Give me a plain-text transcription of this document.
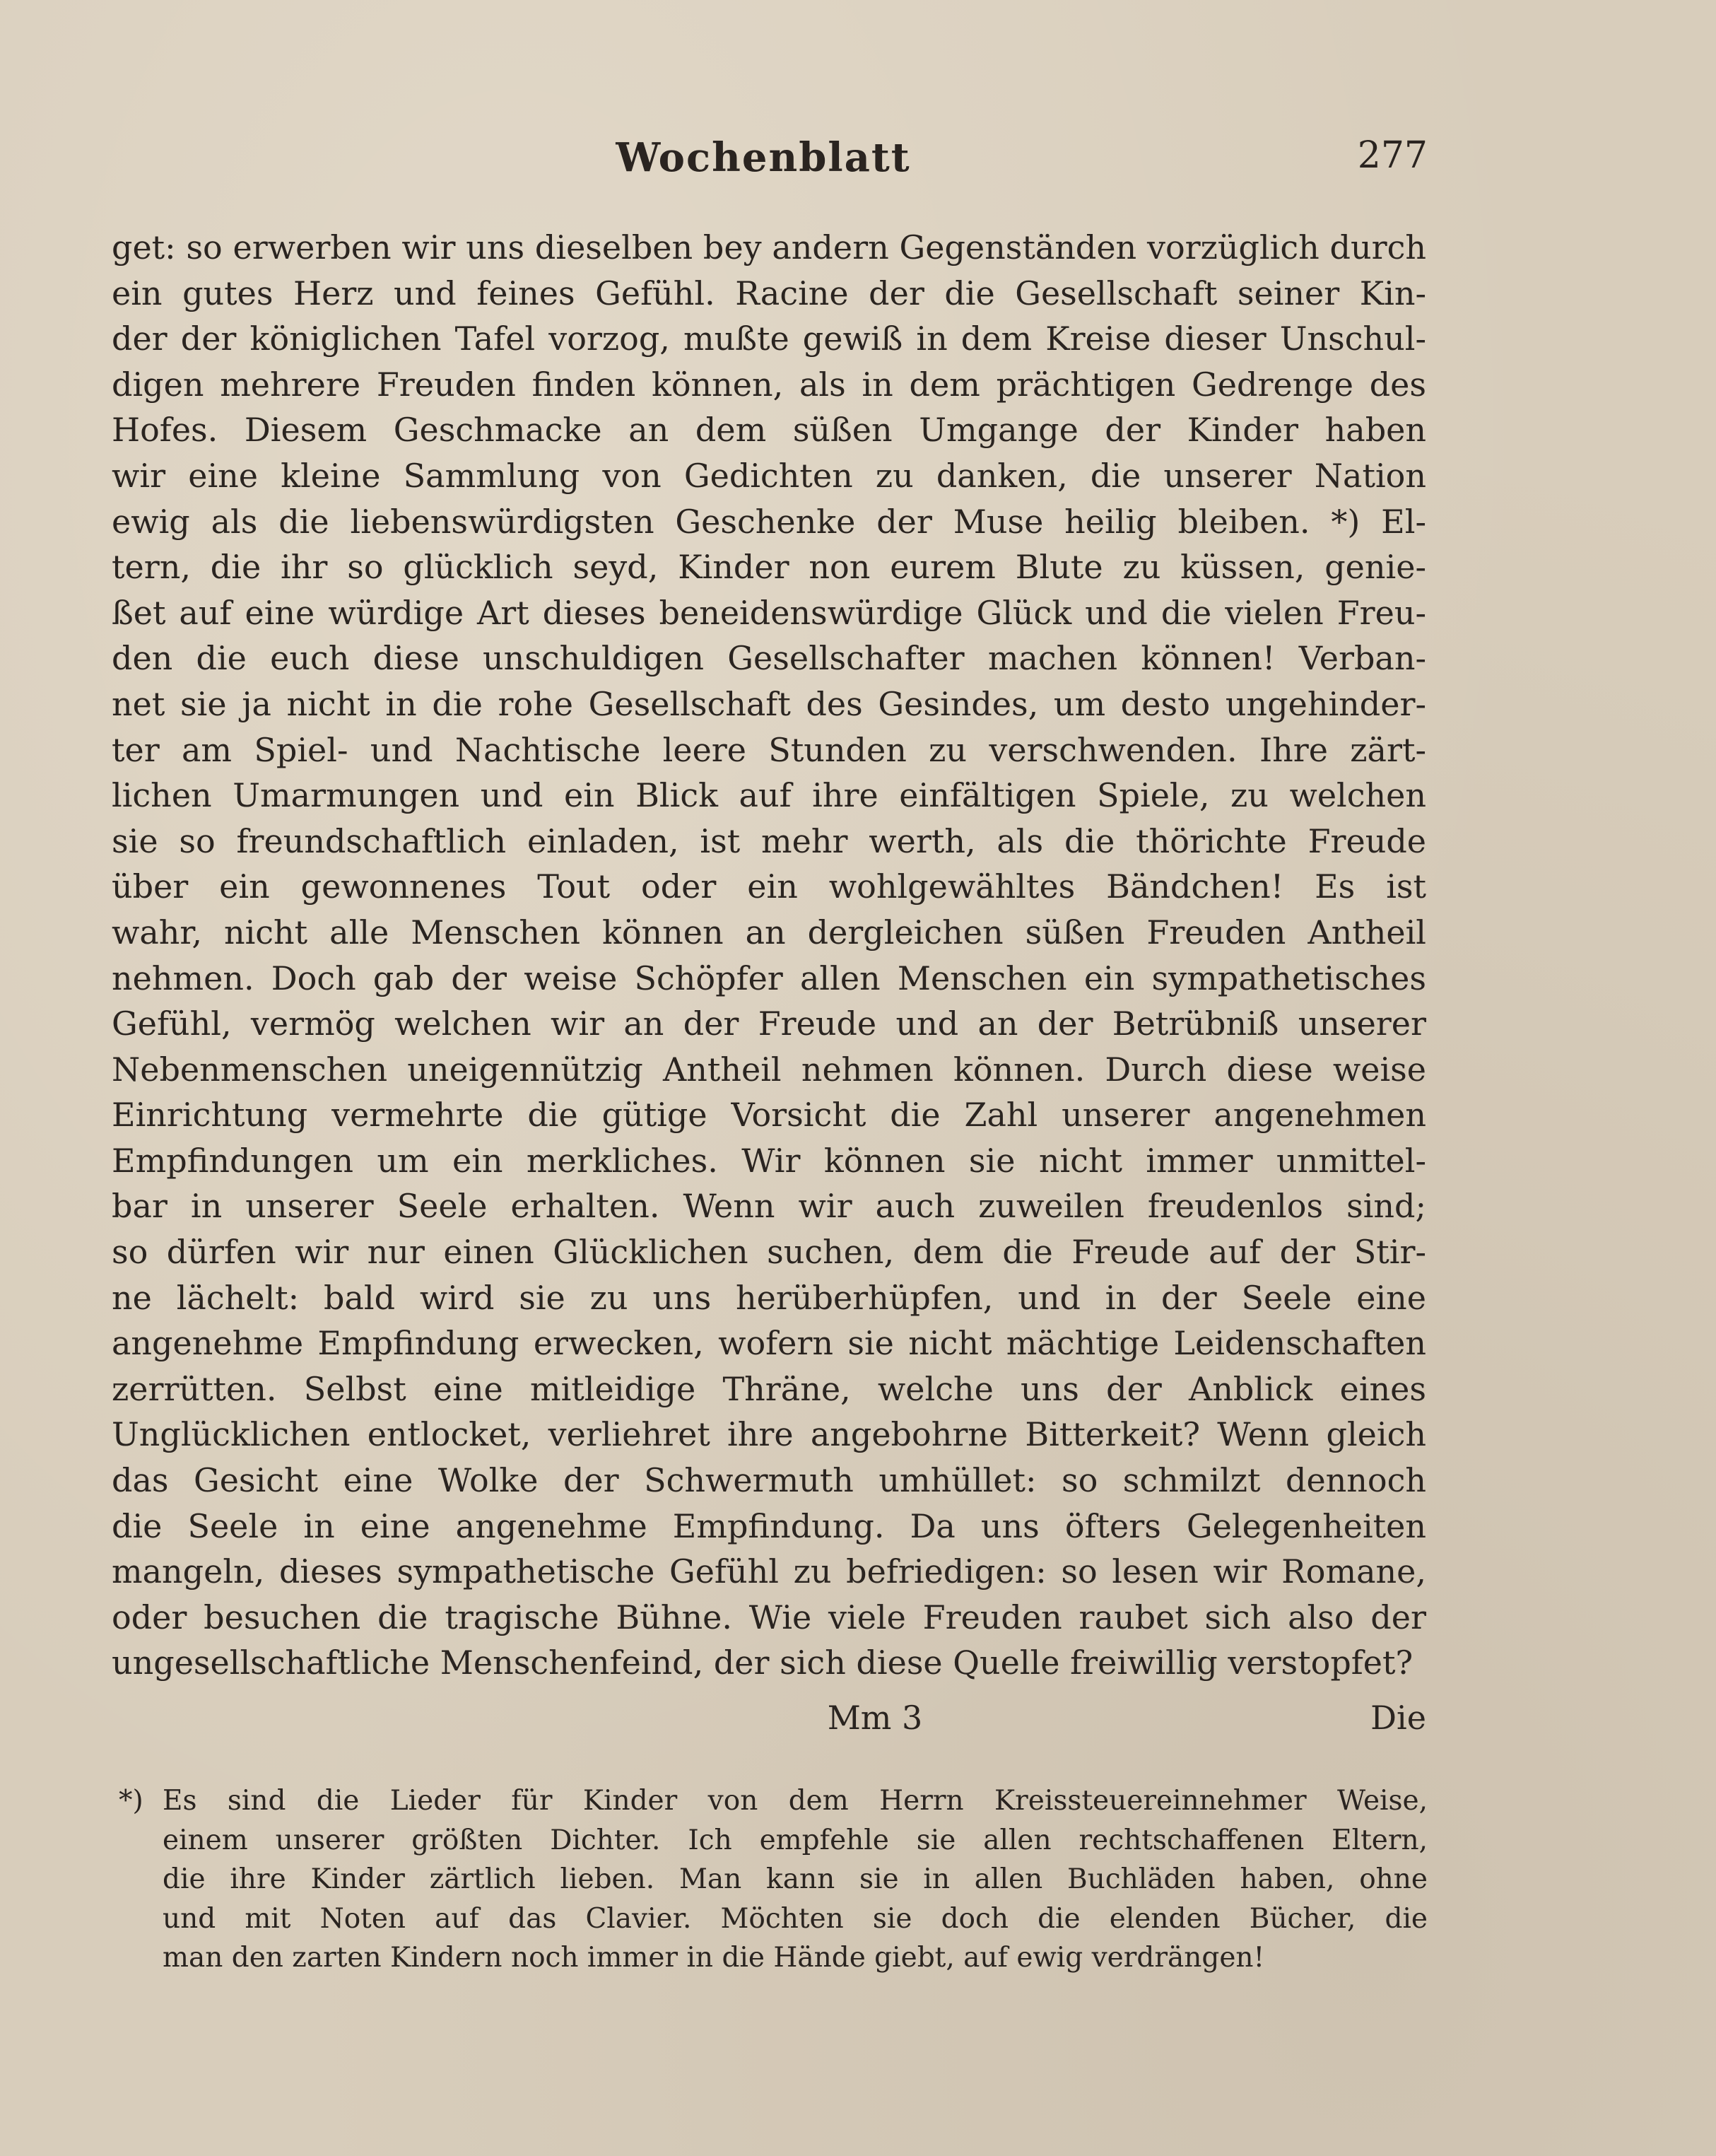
Wochenblatt	277
get: so erwerben wir uns dieselben bey andern Gegenständen vorzüglich durch
ein gutes Herz und feines Gefühl. Racine der die Gesellschaft seiner Kin-
der der königlichen Tafel vorzog, mußte gewiß in dem Kreise dieser Unschul-
digen mehrere Freuden finden können, als in dem prächtigen Gedrenge des
Hofes. Diesem Geschmacke an dem süßen Umgange der Kinder haben
wir eine kleine Sammlung von Gedichten zu danken, die unserer Nation
ewig als die liebenswürdigsten Geschenke der Muse heilig bleiben. *) El-
tern, die ihr so glücklich seyd, Kinder non eurem Blute zu küssen, genie-
ßet auf eine würdige Art dieses beneidenswürdige Glück und die vielen Freu-
den die euch diese unschuldigen Gesellschafter machen können! Verban-
net sie ja nicht in die rohe Gesellschaft des Gesindes, um desto ungehinder-
ter am Spiel- und Nachtische leere Stunden zu verschwenden. Ihre zärt-
lichen Umarmungen und ein Blick auf ihre einfältigen Spiele, zu welchen
sie so freundschaftlich einladen, ist mehr werth, als die thörichte Freude
über ein gewonnenes Tout oder ein wohlgewähltes Bändchen! Es ist
wahr, nicht alle Menschen können an dergleichen süßen Freuden Antheil
nehmen. Doch gab der weise Schöpfer allen Menschen ein sympathetisches
Gefühl, vermög welchen wir an der Freude und an der Betrübniß unserer
Nebenmenschen uneigennützig Antheil nehmen können. Durch diese weise
Einrichtung vermehrte die gütige Vorsicht die Zahl unserer angenehmen
Empfindungen um ein merkliches. Wir können sie nicht immer unmittel-
bar in unserer Seele erhalten. Wenn wir auch zuweilen freudenlos sind;
so dürfen wir nur einen Glücklichen suchen, dem die Freude auf der Stir-
ne lächelt: bald wird sie zu uns herüberhüpfen, und in der Seele eine
angenehme Empfindung erwecken, wofern sie nicht mächtige Leidenschaften
zerrütten. Selbst eine mitleidige Thräne, welche uns der Anblick eines
Unglücklichen entlocket, verliehret ihre angebohrne Bitterkeit? Wenn gleich
das Gesicht eine Wolke der Schwermuth umhüllet: so schmilzt dennoch
die Seele in eine angenehme Empfindung. Da uns öfters Gelegenheiten
mangeln, dieses sympathetische Gefühl zu befriedigen: so lesen wir Romane,
oder besuchen die tragische Bühne. Wie viele Freuden raubet sich also der
ungesellschaftliche Menschenfeind, der sich diese Quelle freiwillig verstopfet?
Mm 3	Die
*) Es sind die Lieder für Kinder von dem Herrn Kreissteuereinnehmer Weise,
einem unserer größten Dichter. Ich empfehle sie allen rechtschaffenen Eltern,
die ihre Kinder zärtlich lieben. Man kann sie in allen Buchläden haben, ohne
und mit Noten auf das Clavier. Möchten sie doch die elenden Bücher, die
man den zarten Kindern noch immer in die Hände giebt, auf ewig verdrängen!
